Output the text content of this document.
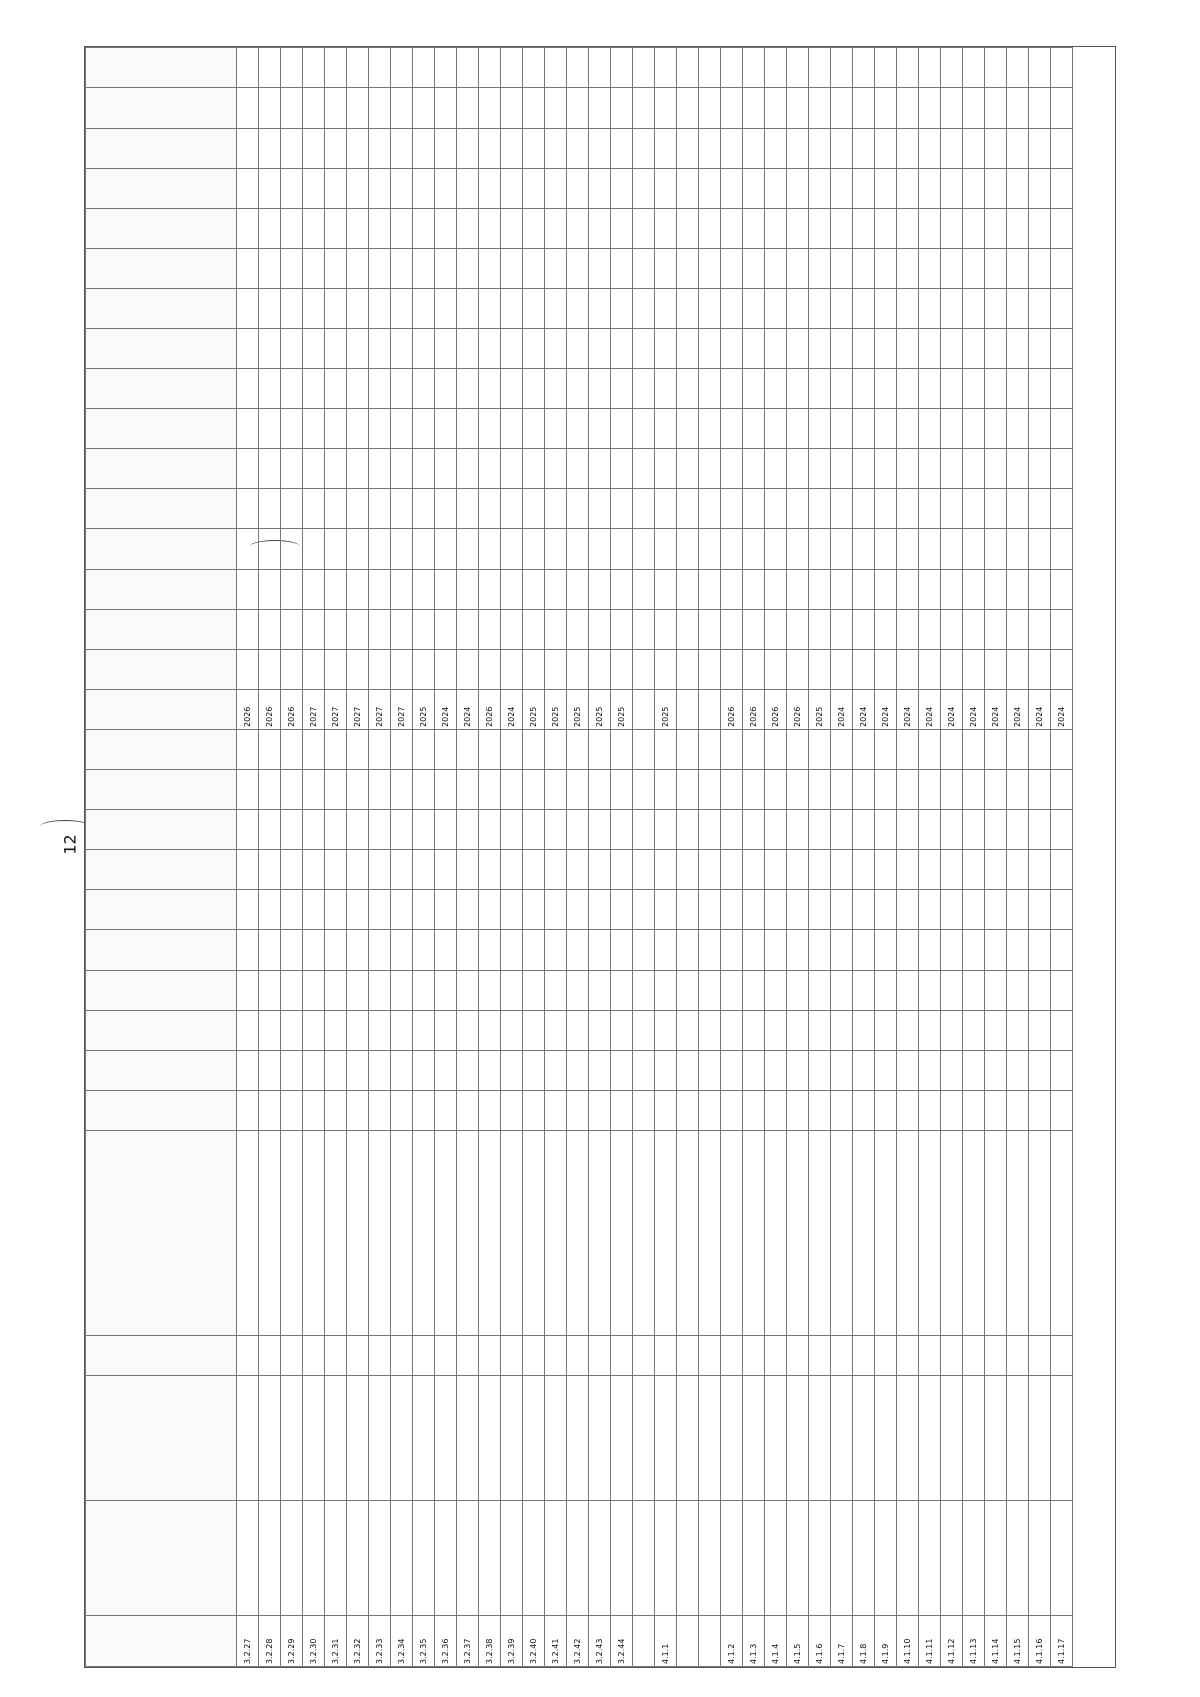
12

3.2.27															2026																
3.2.28															2026																
3.2.29															2026																
3.2.30															2027																
3.2.31															2027																
3.2.32															2027																
3.2.33															2027																
3.2.34															2027																
3.2.35															2025																
3.2.36															2024																
3.2.37															2024																
3.2.38															2026																
3.2.39															2024																
3.2.40															2025																
3.2.41															2025																
3.2.42															2025																
3.2.43															2025																
3.2.44															2025																

4.1.1															2025																

4.1.2															2026																
4.1.3															2026																
4.1.4															2026																
4.1.5															2026																
4.1.6															2025																
4.1.7															2024																
4.1.8															2024																
4.1.9															2024																
4.1.10															2024																
4.1.11															2024																
4.1.12															2024																
4.1.13															2024																
4.1.14															2024																
4.1.15															2024																
4.1.16															2024																
4.1.17															2024																
